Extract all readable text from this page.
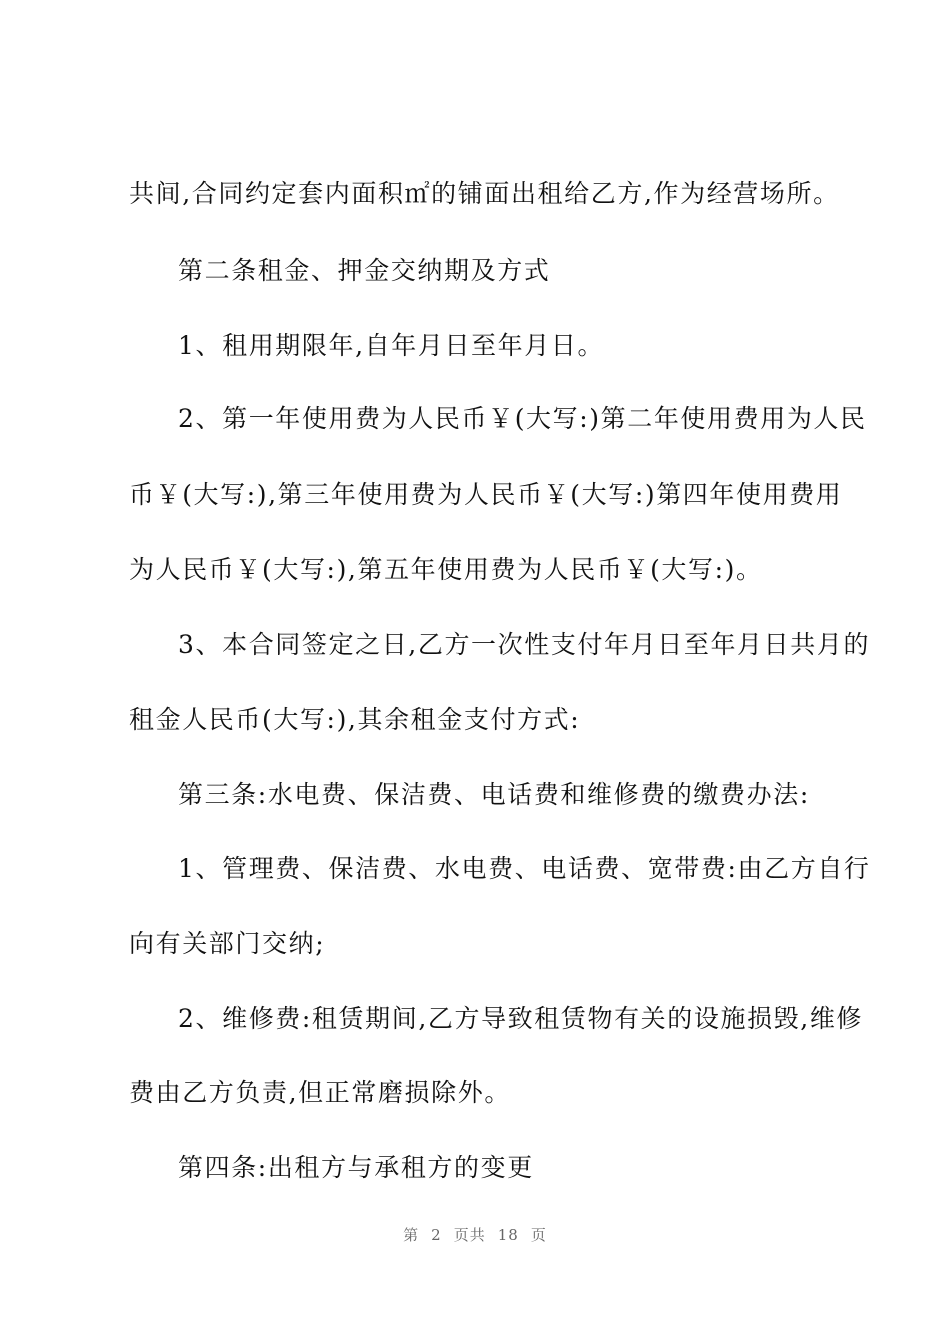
共间,合同约定套内面积㎡的铺面出租给乙方,作为经营场所。
第二条租金、押金交纳期及方式
1、租用期限年,自年月日至年月日。
2、第一年使用费为人民币￥(大写:)第二年使用费用为人民
币￥(大写:),第三年使用费为人民币￥(大写:)第四年使用费用
为人民币￥(大写:),第五年使用费为人民币￥(大写:)。
3、本合同签定之日,乙方一次性支付年月日至年月日共月的
租金人民币(大写:),其余租金支付方式:
第三条:水电费、保洁费、电话费和维修费的缴费办法:
1、管理费、保洁费、水电费、电话费、宽带费:由乙方自行
向有关部门交纳;
2、维修费:租赁期间,乙方导致租赁物有关的设施损毁,维修
费由乙方负责,但正常磨损除外。
第四条:出租方与承租方的变更
第 2 页共 18 页
